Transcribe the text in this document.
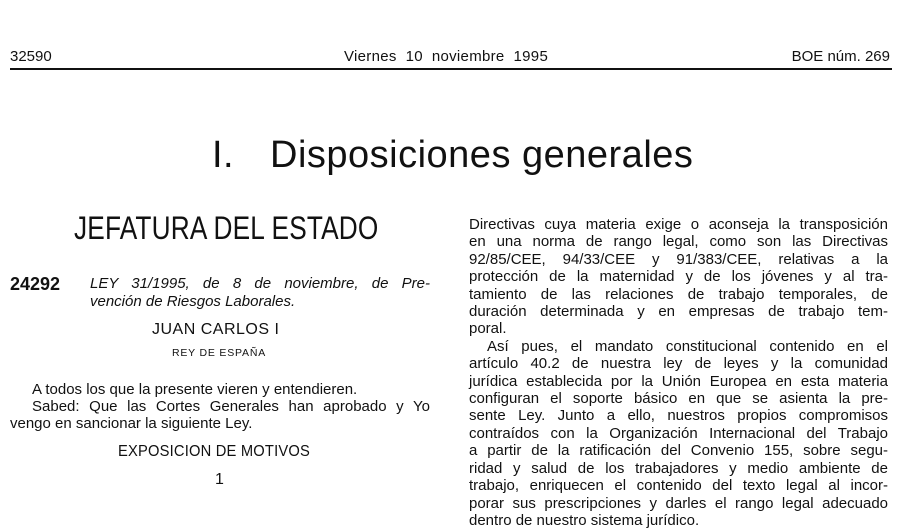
32590	Viernes  10  noviembre  1995	BOE núm. 269
I. Disposiciones generales
JEFATURA DEL ESTADO
24292 LEY 31/1995, de 8 de noviembre, de Pre-
vención de Riesgos Laborales.
JUAN CARLOS I
REY DE ESPAÑA

A todos los que la presente vieren y entendieren.

Sabed: Que las Cortes Generales han aprobado y Yo vengo en sancionar la siguiente Ley.

EXPOSICION DE MOTIVOS
1

Directivas cuya materia exige o aconseja la transposición
en una norma de rango legal, como son las Directivas
92/85/CEE, 94/33/CEE y 91/383/CEE, relativas a la
protección de la maternidad y de los jóvenes y al tra-
tamiento de las relaciones de trabajo temporales, de
duración determinada y en empresas de trabajo tem-
poral.

Así pues, el mandato constitucional contenido en el
artículo 40.2 de nuestra ley de leyes y la comunidad
jurídica establecida por la Unión Europea en esta materia
configuran el soporte básico en que se asienta la pre-
sente Ley. Junto a ello, nuestros propios compromisos
contraídos con la Organización Internacional del Trabajo
a partir de la ratificación del Convenio 155, sobre segu-
ridad y salud de los trabajadores y medio ambiente de
trabajo, enriquecen el contenido del texto legal al incor-
porar sus prescripciones y darles el rango legal adecuado
dentro de nuestro sistema jurídico.
